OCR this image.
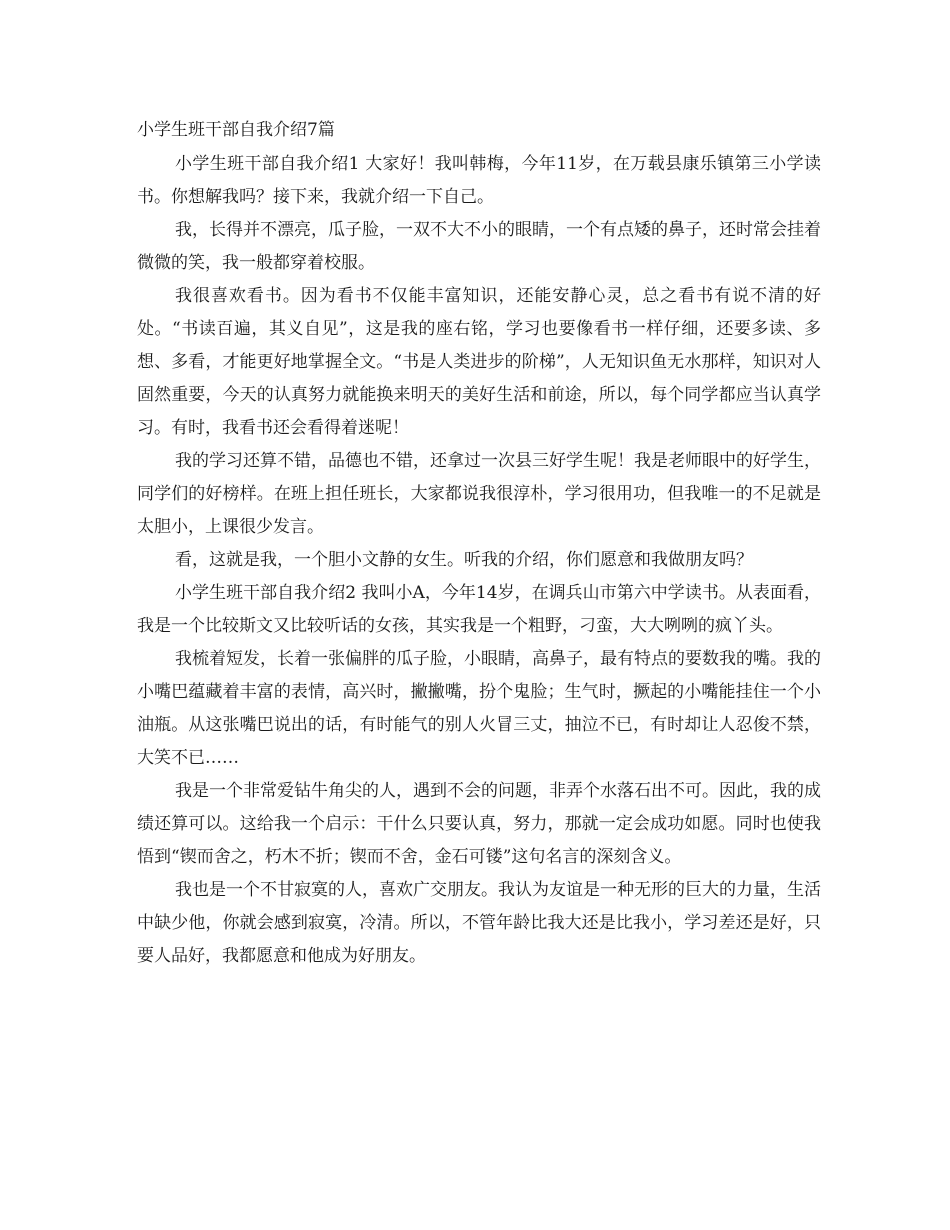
小学生班干部自我介绍7篇

小学生班干部自我介绍1 大家好！我叫韩梅，今年11岁，在万载县康乐镇第三小学读书。你想解我吗？接下来，我就介绍一下自己。

我，长得并不漂亮，瓜子脸，一双不大不小的眼睛，一个有点矮的鼻子，还时常会挂着微微的笑，我一般都穿着校服。

我很喜欢看书。因为看书不仅能丰富知识，还能安静心灵，总之看书有说不清的好处。“书读百遍，其义自见”，这是我的座右铭，学习也要像看书一样仔细，还要多读、多想、多看，才能更好地掌握全文。“书是人类进步的阶梯”，人无知识鱼无水那样，知识对人固然重要，今天的认真努力就能换来明天的美好生活和前途，所以，每个同学都应当认真学习。有时，我看书还会看得着迷呢！

我的学习还算不错，品德也不错，还拿过一次县三好学生呢！我是老师眼中的好学生，同学们的好榜样。在班上担任班长，大家都说我很淳朴，学习很用功，但我唯一的不足就是太胆小，上课很少发言。

看，这就是我，一个胆小文静的女生。听我的介绍，你们愿意和我做朋友吗？

小学生班干部自我介绍2 我叫小A，今年14岁，在调兵山市第六中学读书。从表面看，我是一个比较斯文又比较听话的女孩，其实我是一个粗野，刁蛮，大大咧咧的疯丫头。

我梳着短发，长着一张偏胖的瓜子脸，小眼睛，高鼻子，最有特点的要数我的嘴。我的小嘴巴蕴藏着丰富的表情，高兴时，撇撇嘴，扮个鬼脸；生气时，撅起的小嘴能挂住一个小油瓶。从这张嘴巴说出的话，有时能气的别人火冒三丈，抽泣不已，有时却让人忍俊不禁，大笑不已……

我是一个非常爱钻牛角尖的人，遇到不会的问题，非弄个水落石出不可。因此，我的成绩还算可以。这给我一个启示：干什么只要认真，努力，那就一定会成功如愿。同时也使我悟到“锲而舍之，朽木不折；锲而不舍，金石可镂”这句名言的深刻含义。

我也是一个不甘寂寞的人，喜欢广交朋友。我认为友谊是一种无形的巨大的力量，生活中缺少他，你就会感到寂寞，冷清。所以，不管年龄比我大还是比我小，学习差还是好，只要人品好，我都愿意和他成为好朋友。
